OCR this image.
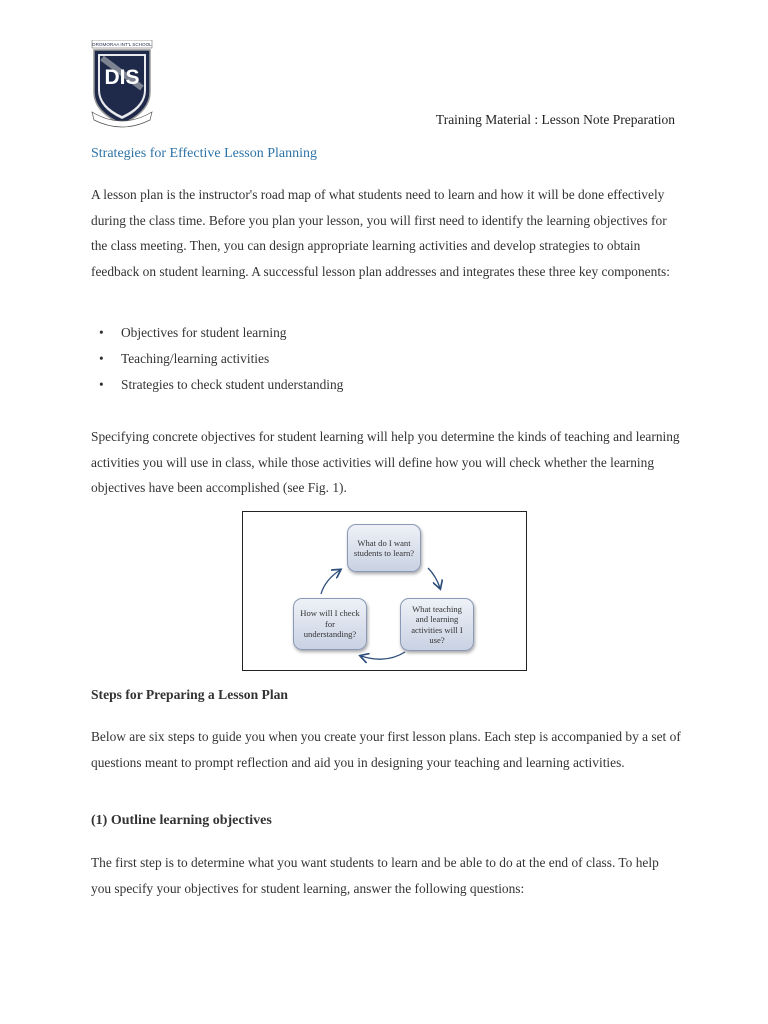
DROMORAA INT'L SCHOOL
DIS
Training Material : Lesson Note Preparation
Strategies for Effective Lesson Planning

A lesson plan is the instructor's road map of what students need to learn and how it will be done effectively during the class time. Before you plan your lesson, you will first need to identify the learning objectives for the class meeting. Then, you can design appropriate learning activities and develop strategies to obtain feedback on student learning. A successful lesson plan addresses and integrates these three key components:

• Objectives for student learning
• Teaching/learning activities
• Strategies to check student understanding

Specifying concrete objectives for student learning will help you determine the kinds of teaching and learning activities you will use in class, while those activities will define how you will check whether the learning objectives have been accomplished (see Fig. 1).

What do I want students to learn?
What teaching and learning activities will I use?
How will I check for understanding?
Steps for Preparing a Lesson Plan

Below are six steps to guide you when you create your first lesson plans. Each step is accompanied by a set of questions meant to prompt reflection and aid you in designing your teaching and learning activities.

(1) Outline learning objectives

The first step is to determine what you want students to learn and be able to do at the end of class. To help you specify your objectives for student learning, answer the following questions:
